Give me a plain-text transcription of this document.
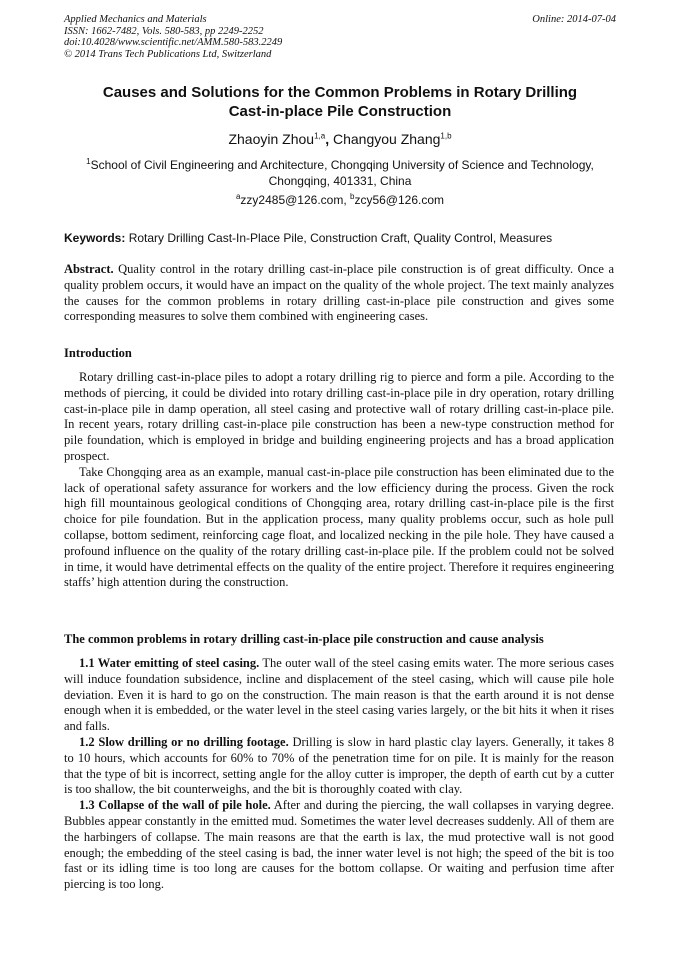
Applied Mechanics and Materials
ISSN: 1662-7482, Vols. 580-583, pp 2249-2252
doi:10.4028/www.scientific.net/AMM.580-583.2249
© 2014 Trans Tech Publications Ltd, Switzerland
Online: 2014-07-04
Causes and Solutions for the Common Problems in Rotary Drilling
Cast-in-place Pile Construction
Zhaoyin Zhou$^{1,a}$, Changyou Zhang$^{1,b}$
$^1$School of Civil Engineering and Architecture, Chongqing University of Science and Technology,
Chongqing, 401331, China
$^a$zzy2485@126.com, $^b$zcy56@126.com
Keywords: Rotary Drilling Cast-In-Place Pile, Construction Craft, Quality Control, Measures

Abstract. Quality control in the rotary drilling cast-in-place pile construction is of great difficulty. Once a quality problem occurs, it would have an impact on the quality of the whole project. The text mainly analyzes the causes for the common problems in rotary drilling cast-in-place pile construction and gives some corresponding measures to solve them combined with engineering cases.

Introduction

Rotary drilling cast-in-place piles to adopt a rotary drilling rig to pierce and form a pile. According to the methods of piercing, it could be divided into rotary drilling cast-in-place pile in dry operation, rotary drilling cast-in-place pile in damp operation, all steel casing and protective wall of rotary drilling cast-in-place pile. In recent years, rotary drilling cast-in-place pile construction has been a new-type construction method for pile foundation, which is employed in bridge and building engineering projects and has a broad application prospect.

Take Chongqing area as an example, manual cast-in-place pile construction has been eliminated due to the lack of operational safety assurance for workers and the low efficiency during the process. Given the rock high fill mountainous geological conditions of Chongqing area, rotary drilling cast-in-place pile is the first choice for pile foundation. But in the application process, many quality problems occur, such as hole pull collapse, bottom sediment, reinforcing cage float, and localized necking in the pile hole. They have caused a profound influence on the quality of the rotary drilling cast-in-place pile. If the problem could not be solved in time, it would have detrimental effects on the quality of the entire project. Therefore it requires engineering staffs’ high attention during the construction.

The common problems in rotary drilling cast-in-place pile construction and cause analysis

1.1 Water emitting of steel casing. The outer wall of the steel casing emits water. The more serious cases will induce foundation subsidence, incline and displacement of the steel casing, which will cause pile hole deviation. Even it is hard to go on the construction. The main reason is that the earth around it is not dense enough when it is embedded, or the water level in the steel casing varies largely, or the bit hits it when it rises and falls.

1.2 Slow drilling or no drilling footage. Drilling is slow in hard plastic clay layers. Generally, it takes 8 to 10 hours, which accounts for 60% to 70% of the penetration time for on pile. It is mainly for the reason that the type of bit is incorrect, setting angle for the alloy cutter is improper, the depth of earth cut by a cutter is too shallow, the bit counterweighs, and the bit is thoroughly coated with clay.

1.3 Collapse of the wall of pile hole. After and during the piercing, the wall collapses in varying degree. Bubbles appear constantly in the emitted mud. Sometimes the water level decreases suddenly. All of them are the harbingers of collapse. The main reasons are that the earth is lax, the mud protective wall is not good enough; the embedding of the steel casing is bad, the inner water level is not high; the speed of the bit is too fast or its idling time is too long are causes for the bottom collapse. Or waiting and perfusion time after piercing is too long.
